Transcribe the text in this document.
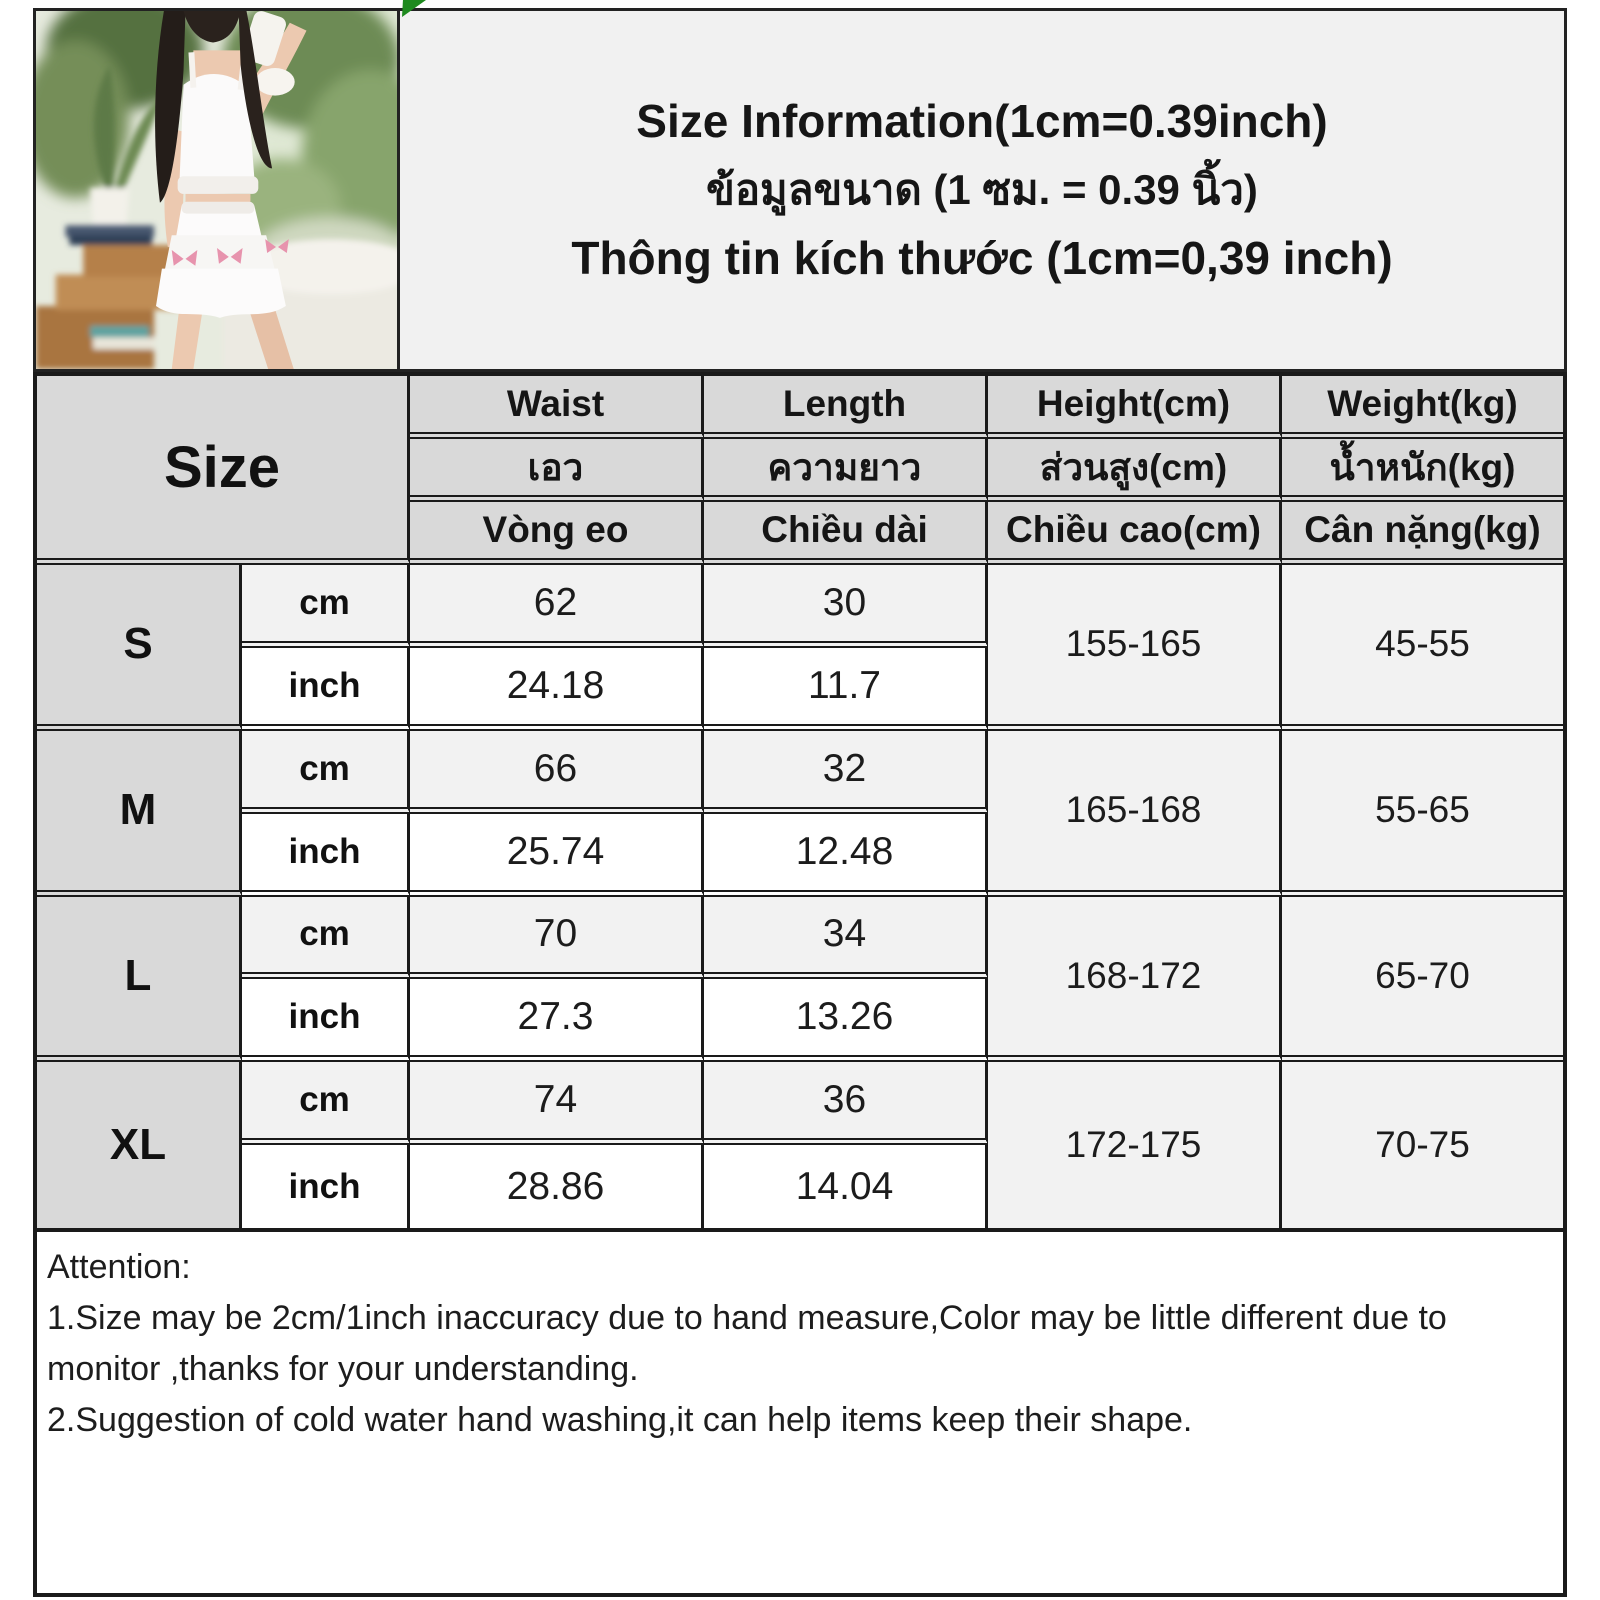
Size Information(1cm=0.39inch)
ข้อมูลขนาด (1 ซม. = 0.39 นิ้ว)
Thông tin kích thước (1cm=0,39 inch)
Size
Waist	Length	Height(cm)	Weight(kg)
เอว	ความยาว	ส่วนสูง(cm)	น้ำหนัก(kg)
Vòng eo	Chiều dài	Chiều cao(cm)	Cân nặng(kg)
S
cm	62	30
155-165	45-55
inch	24.18	11.7
M
cm	66	32
165-168	55-65
inch	25.74	12.48
L
cm	70	34
168-172	65-70
inch	27.3	13.26
XL
cm	74	36
172-175	70-75
inch	28.86	14.04
Attention:
1.Size may be 2cm/1inch inaccuracy due to hand measure,Color may be little different due to monitor ,thanks for your understanding.
2.Suggestion of cold water hand washing,it can help items keep their shape.
